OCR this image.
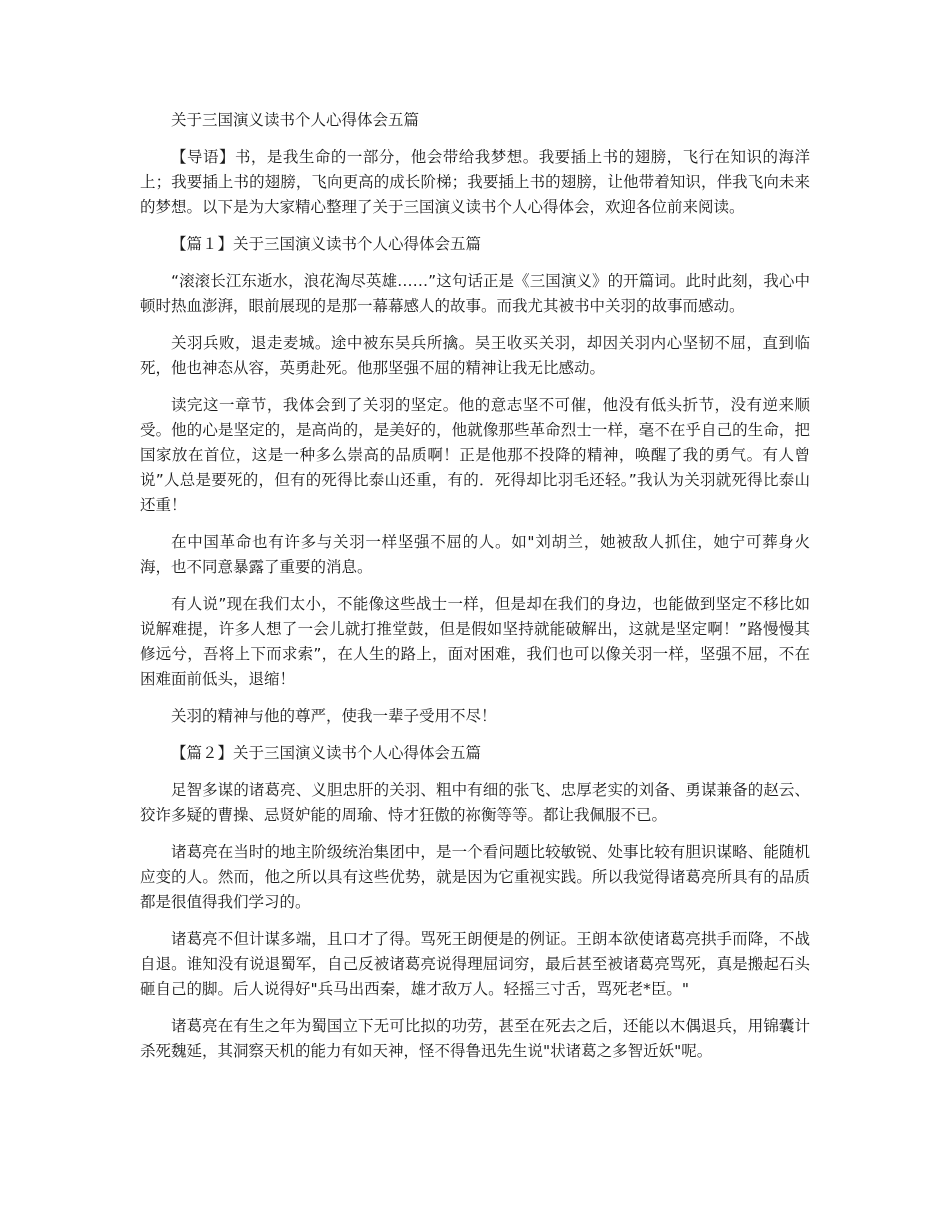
关于三国演义读书个人心得体会五篇

【导语】书，是我生命的一部分，他会带给我梦想。我要插上书的翅膀，飞行在知识的海洋上；我要插上书的翅膀，飞向更高的成长阶梯；我要插上书的翅膀，让他带着知识，伴我飞向未来的梦想。以下是为大家精心整理了关于三国演义读书个人心得体会，欢迎各位前来阅读。

【篇１】关于三国演义读书个人心得体会五篇

“滚滚长江东逝水，浪花淘尽英雄……”这句话正是《三国演义》的开篇词。此时此刻，我心中顿时热血澎湃，眼前展现的是那一幕幕感人的故事。而我尤其被书中关羽的故事而感动。

关羽兵败，退走麦城。途中被东吴兵所擒。吴王收买关羽，却因关羽内心坚韧不屈，直到临死，他也神态从容，英勇赴死。他那坚强不屈的精神让我无比感动。

读完这一章节，我体会到了关羽的坚定。他的意志坚不可催，他没有低头折节，没有逆来顺受。他的心是坚定的，是高尚的，是美好的，他就像那些革命烈士一样，毫不在乎自己的生命，把国家放在首位，这是一种多么崇高的品质啊！正是他那不投降的精神，唤醒了我的勇气。有人曾说”人总是要死的，但有的死得比泰山还重，有的．死得却比羽毛还轻。”我认为关羽就死得比泰山还重！

在中国革命也有许多与关羽一样坚强不屈的人。如"刘胡兰，她被敌人抓住，她宁可葬身火海，也不同意暴露了重要的消息。

有人说”现在我们太小，不能像这些战士一样，但是却在我们的身边，也能做到坚定不移比如说解难提，许多人想了一会儿就打推堂鼓，但是假如坚持就能破解出，这就是坚定啊！”路慢慢其修远兮，吾将上下而求索”，在人生的路上，面对困难，我们也可以像关羽一样，坚强不屈，不在困难面前低头，退缩！

关羽的精神与他的尊严，使我一辈子受用不尽！

【篇２】关于三国演义读书个人心得体会五篇

足智多谋的诸葛亮、义胆忠肝的关羽、粗中有细的张飞、忠厚老实的刘备、勇谋兼备的赵云、狡诈多疑的曹操、忌贤妒能的周瑜、恃才狂傲的祢衡等等。都让我佩服不已。

诸葛亮在当时的地主阶级统治集团中，是一个看问题比较敏锐、处事比较有胆识谋略、能随机应变的人。然而，他之所以具有这些优势，就是因为它重视实践。所以我觉得诸葛亮所具有的品质都是很值得我们学习的。

诸葛亮不但计谋多端，且口才了得。骂死王朗便是的例证。王朗本欲使诸葛亮拱手而降，不战自退。谁知没有说退蜀军，自己反被诸葛亮说得理屈词穷，最后甚至被诸葛亮骂死，真是搬起石头砸自己的脚。后人说得好"兵马出西秦，雄才敌万人。轻摇三寸舌，骂死老*臣。"

诸葛亮在有生之年为蜀国立下无可比拟的功劳，甚至在死去之后，还能以木偶退兵，用锦囊计杀死魏延，其洞察天机的能力有如天神，怪不得鲁迅先生说"状诸葛之多智近妖"呢。
